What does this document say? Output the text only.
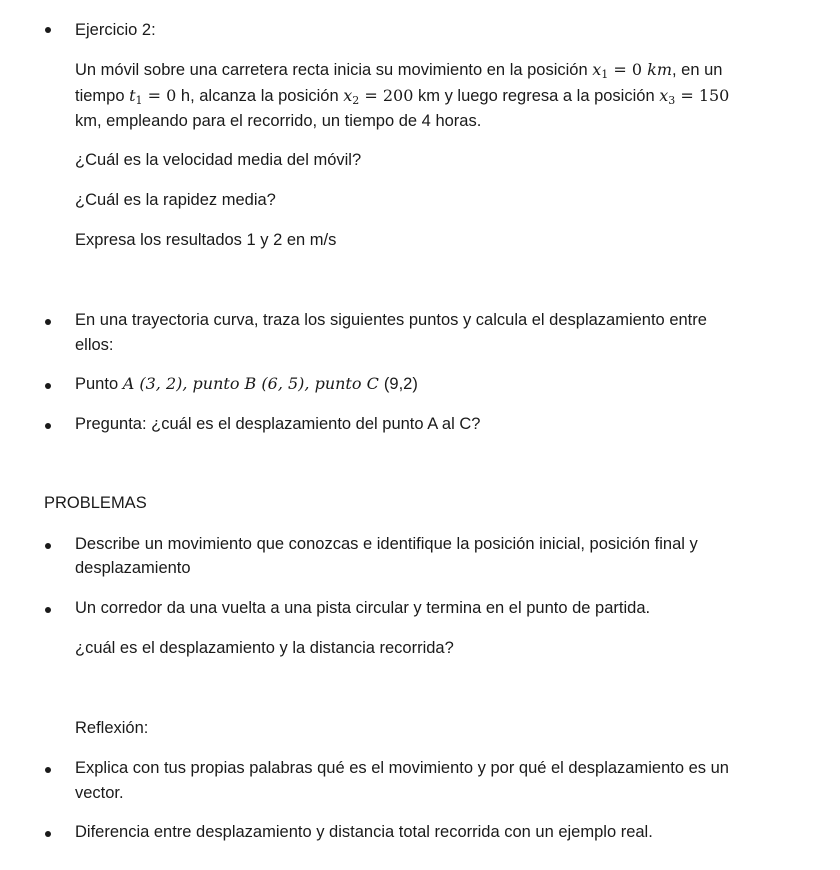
Ejercicio 2:
Un móvil sobre una carretera recta inicia su movimiento en la posición $x_1 = 0$ km, en un
tiempo $t_1 = 0$ h, alcanza la posición $x_2 = 200$ km y luego regresa a la posición $x_3 = 150$
km, empleando para el recorrido, un tiempo de 4 horas.
¿Cuál es la velocidad media del móvil?
¿Cuál es la rapidez media?
Expresa los resultados 1 y 2 en m/s
En una trayectoria curva, traza los siguientes puntos y calcula el desplazamiento entre
ellos:
Punto A (3, 2), punto B (6, 5), punto C (9,2)
Pregunta: ¿cuál es el desplazamiento del punto A al C?
PROBLEMAS
Describe un movimiento que conozcas e identifique la posición inicial, posición final y
desplazamiento
Un corredor da una vuelta a una pista circular y termina en el punto de partida.
¿cuál es el desplazamiento y la distancia recorrida?
Reflexión:
Explica con tus propias palabras qué es el movimiento y por qué el desplazamiento es un
vector.
Diferencia entre desplazamiento y distancia total recorrida con un ejemplo real.
